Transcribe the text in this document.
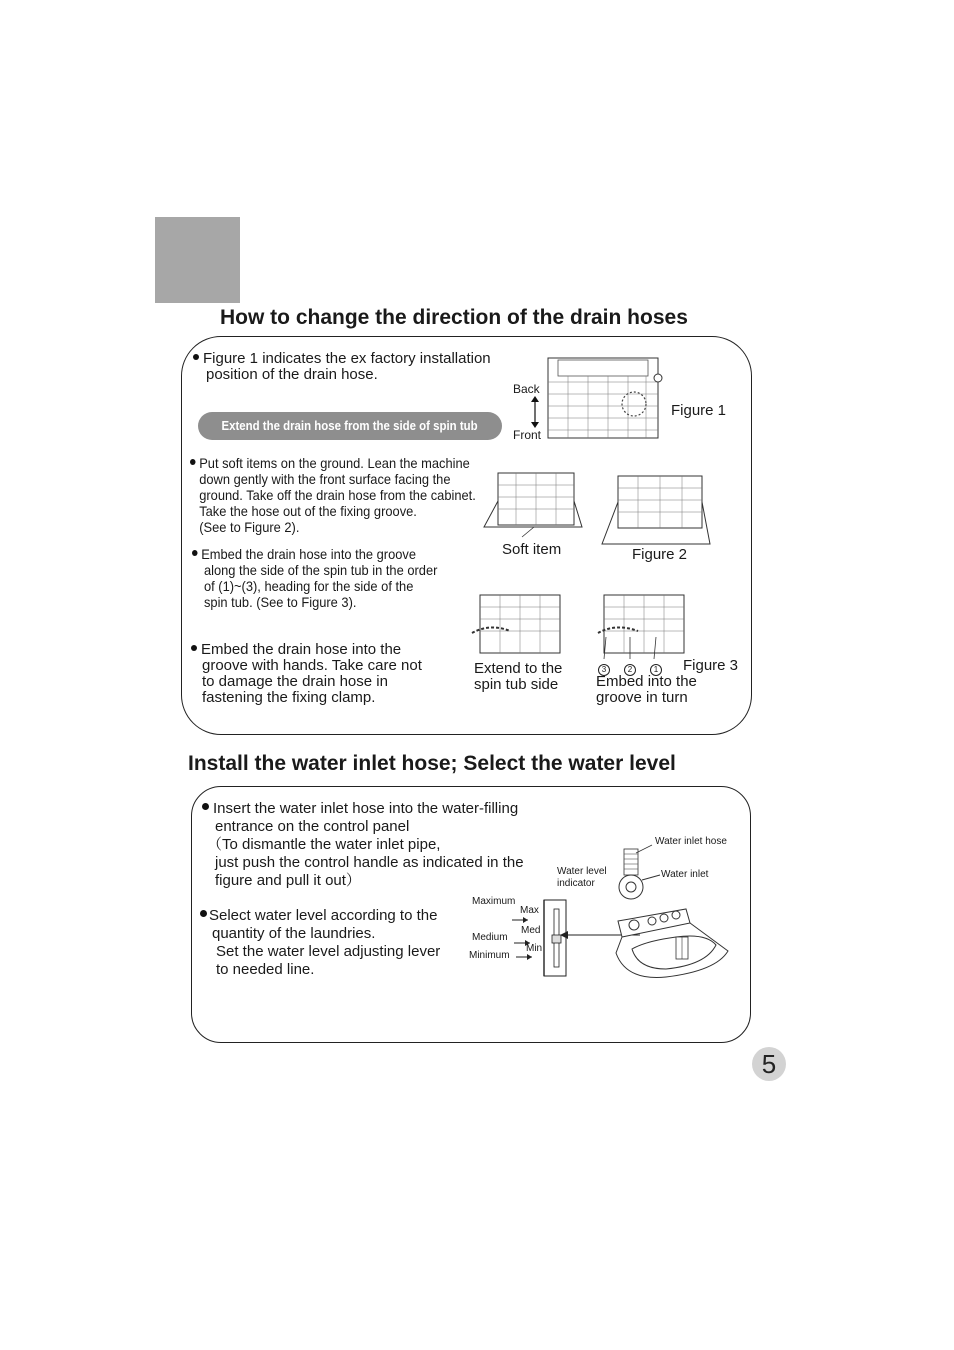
How to change the direction of the drain hoses
Figure 1 indicates the ex factory installation
position of the drain hose.
Extend the drain hose from the side of spin tub
Put soft items on the ground. Lean the machine
down gently with the front surface facing the
ground. Take off the drain hose from the cabinet.
Take the hose out of the fixing groove.
(See to Figure 2).
Embed the drain hose into the groove
along the side of the spin tub in the order
of (1)~(3), heading for the side of the
spin tub. (See to Figure 3).
Embed the drain hose into the
groove with hands. Take care not
to damage the drain hose in
fastening the fixing clamp.
Back
Front
Figure 1
Soft item	Figure 2
Extend to the
spin tub side
3	2	1	Figure 3
Embed into the
groove in turn
Install the water inlet hose; Select the water level
Insert the water inlet hose into the water-filling
entrance on the control panel
（To dismantle the water inlet pipe,
just push the control handle as indicated in the
figure and pull it out）
Select water level according to the
quantity of the laundries.
Set the water level adjusting lever
to needed line.
Maximum
Medium
Minimum
Max
Med
Min
Water level
indicator
Water inlet hose
Water inlet
5
